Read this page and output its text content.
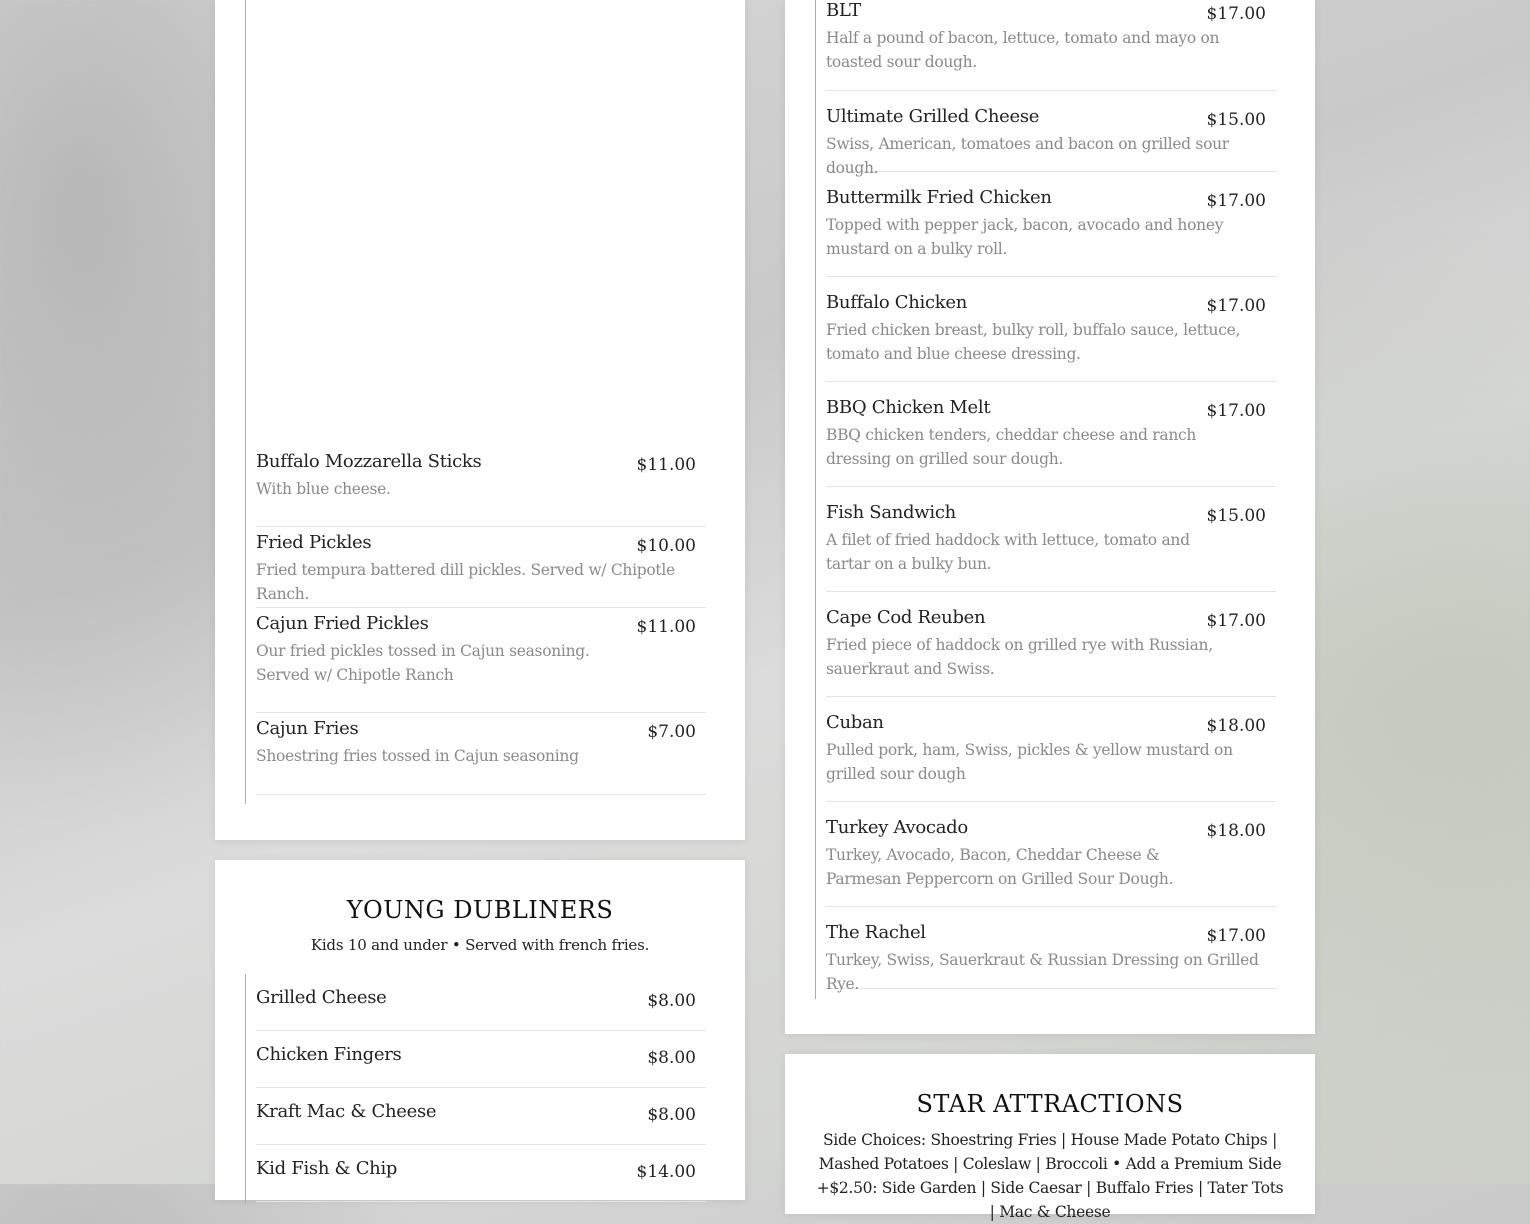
Buffalo Mozzarella Sticks	$11.00
With blue cheese.
Fried Pickles	$10.00
Fried tempura battered dill pickles. Served w/ Chipotle Ranch.
Cajun Fried Pickles	$11.00
Our fried pickles tossed in Cajun seasoning. Served w/ Chipotle Ranch
Cajun Fries	$7.00
Shoestring fries tossed in Cajun seasoning
YOUNG DUBLINERS
Kids 10 and under • Served with french fries.
Grilled Cheese	$8.00
Chicken Fingers	$8.00
Kraft Mac & Cheese	$8.00
Kid Fish & Chip	$14.00
BLT	$17.00
Half a pound of bacon, lettuce, tomato and mayo on toasted sour dough.
Ultimate Grilled Cheese	$15.00
Swiss, American, tomatoes and bacon on grilled sour dough.
Buttermilk Fried Chicken	$17.00
Topped with pepper jack, bacon, avocado and honey mustard on a bulky roll.
Buffalo Chicken	$17.00
Fried chicken breast, bulky roll, buffalo sauce, lettuce, tomato and blue cheese dressing.
BBQ Chicken Melt	$17.00
BBQ chicken tenders, cheddar cheese and ranch dressing on grilled sour dough.
Fish Sandwich	$15.00
A filet of fried haddock with lettuce, tomato and tartar on a bulky bun.
Cape Cod Reuben	$17.00
Fried piece of haddock on grilled rye with Russian, sauerkraut and Swiss.
Cuban	$18.00
Pulled pork, ham, Swiss, pickles & yellow mustard on grilled sour dough
Turkey Avocado	$18.00
Turkey, Avocado, Bacon, Cheddar Cheese & Parmesan Peppercorn on Grilled Sour Dough.
The Rachel	$17.00
Turkey, Swiss, Sauerkraut & Russian Dressing on Grilled Rye.
STAR ATTRACTIONS
Side Choices: Shoestring Fries | House Made Potato Chips | Mashed Potatoes | Coleslaw | Broccoli • Add a Premium Side +$2.50: Side Garden | Side Caesar | Buffalo Fries | Tater Tots | Mac & Cheese
